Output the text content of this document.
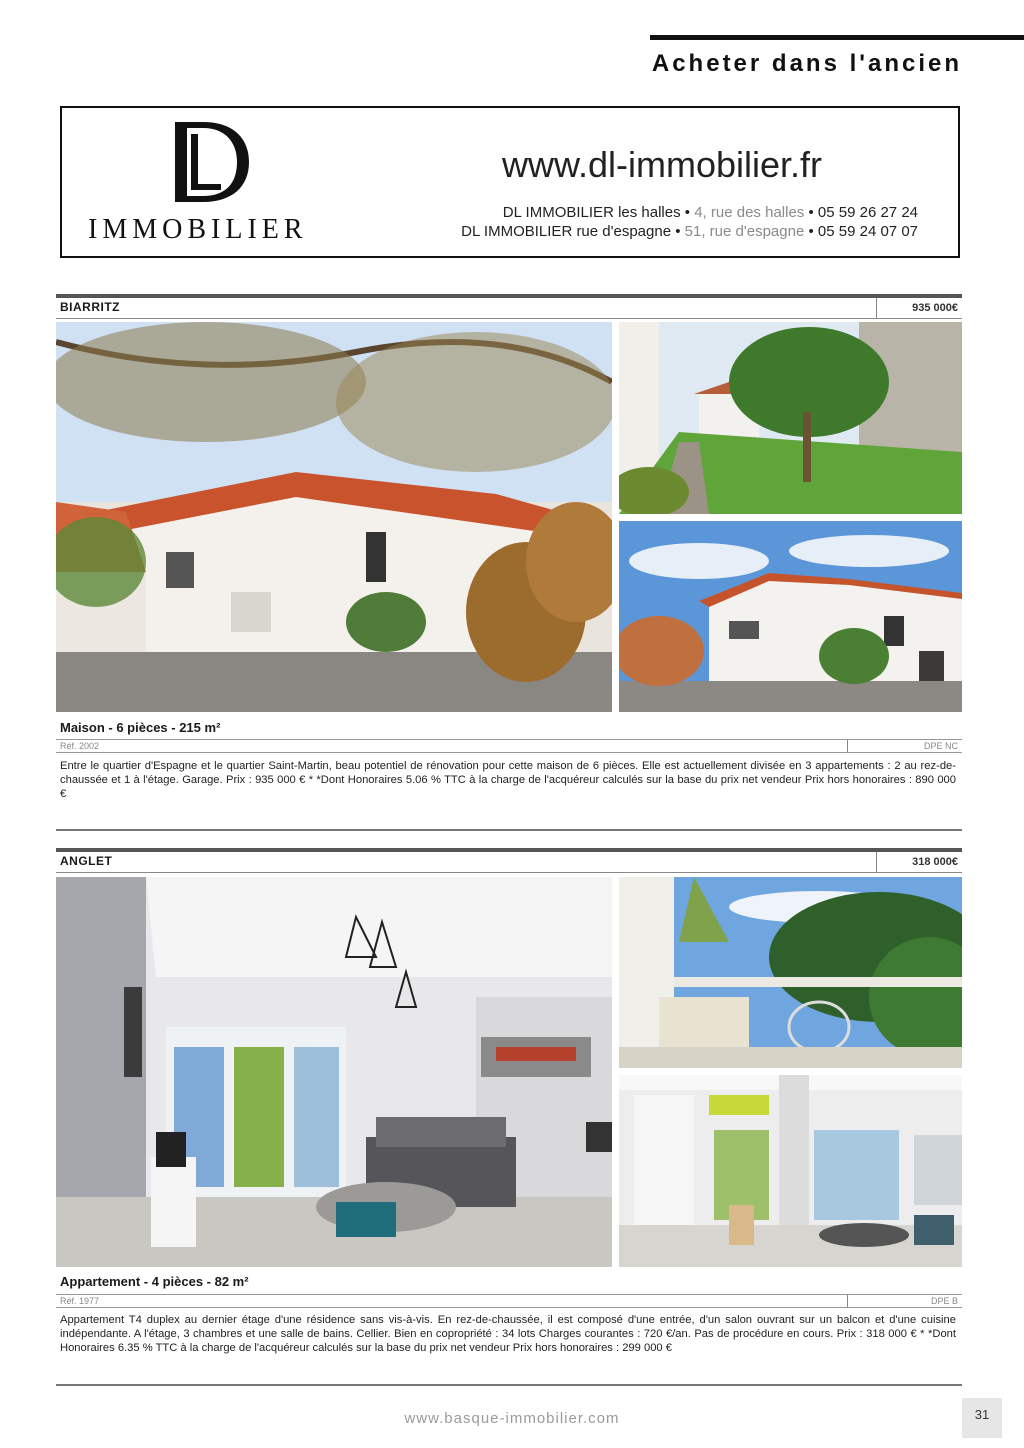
Acheter dans l'ancien
IMMOBILIER
www.dl-immobilier.fr
DL IMMOBILIER les halles • 4, rue des halles • 05 59 26 27 24
DL IMMOBILIER rue d'espagne • 51, rue d'espagne • 05 59 24 07 07
BIARRITZ	935 000€
Maison - 6 pièces - 215 m²
Réf. 2002	DPE NC
Entre le quartier d'Espagne et le quartier Saint-Martin, beau potentiel de rénovation pour cette maison de 6 pièces. Elle est actuellement divisée en 3 appartements : 2 au rez-de-chaussée et 1 à l'étage. Garage. Prix : 935 000 € * *Dont Honoraires 5.06 % TTC à la charge de l'acquéreur calculés sur la base du prix net vendeur Prix hors honoraires : 890 000 €
ANGLET	318 000€
Appartement - 4 pièces - 82 m²
Réf. 1977	DPE B
Appartement T4 duplex au dernier étage d'une résidence sans vis-à-vis. En rez-de-chaussée, il est composé d'une entrée, d'un salon ouvrant sur un balcon et d'une cuisine indépendante. A l'étage, 3 chambres et une salle de bains. Cellier. Bien en copropriété : 34 lots Charges courantes : 720 €/an. Pas de procédure en cours. Prix : 318 000 € * *Dont Honoraires 6.35 % TTC à la charge de l'acquéreur calculés sur la base du prix net vendeur Prix hors honoraires : 299 000 €
www.basque-immobilier.com	31
